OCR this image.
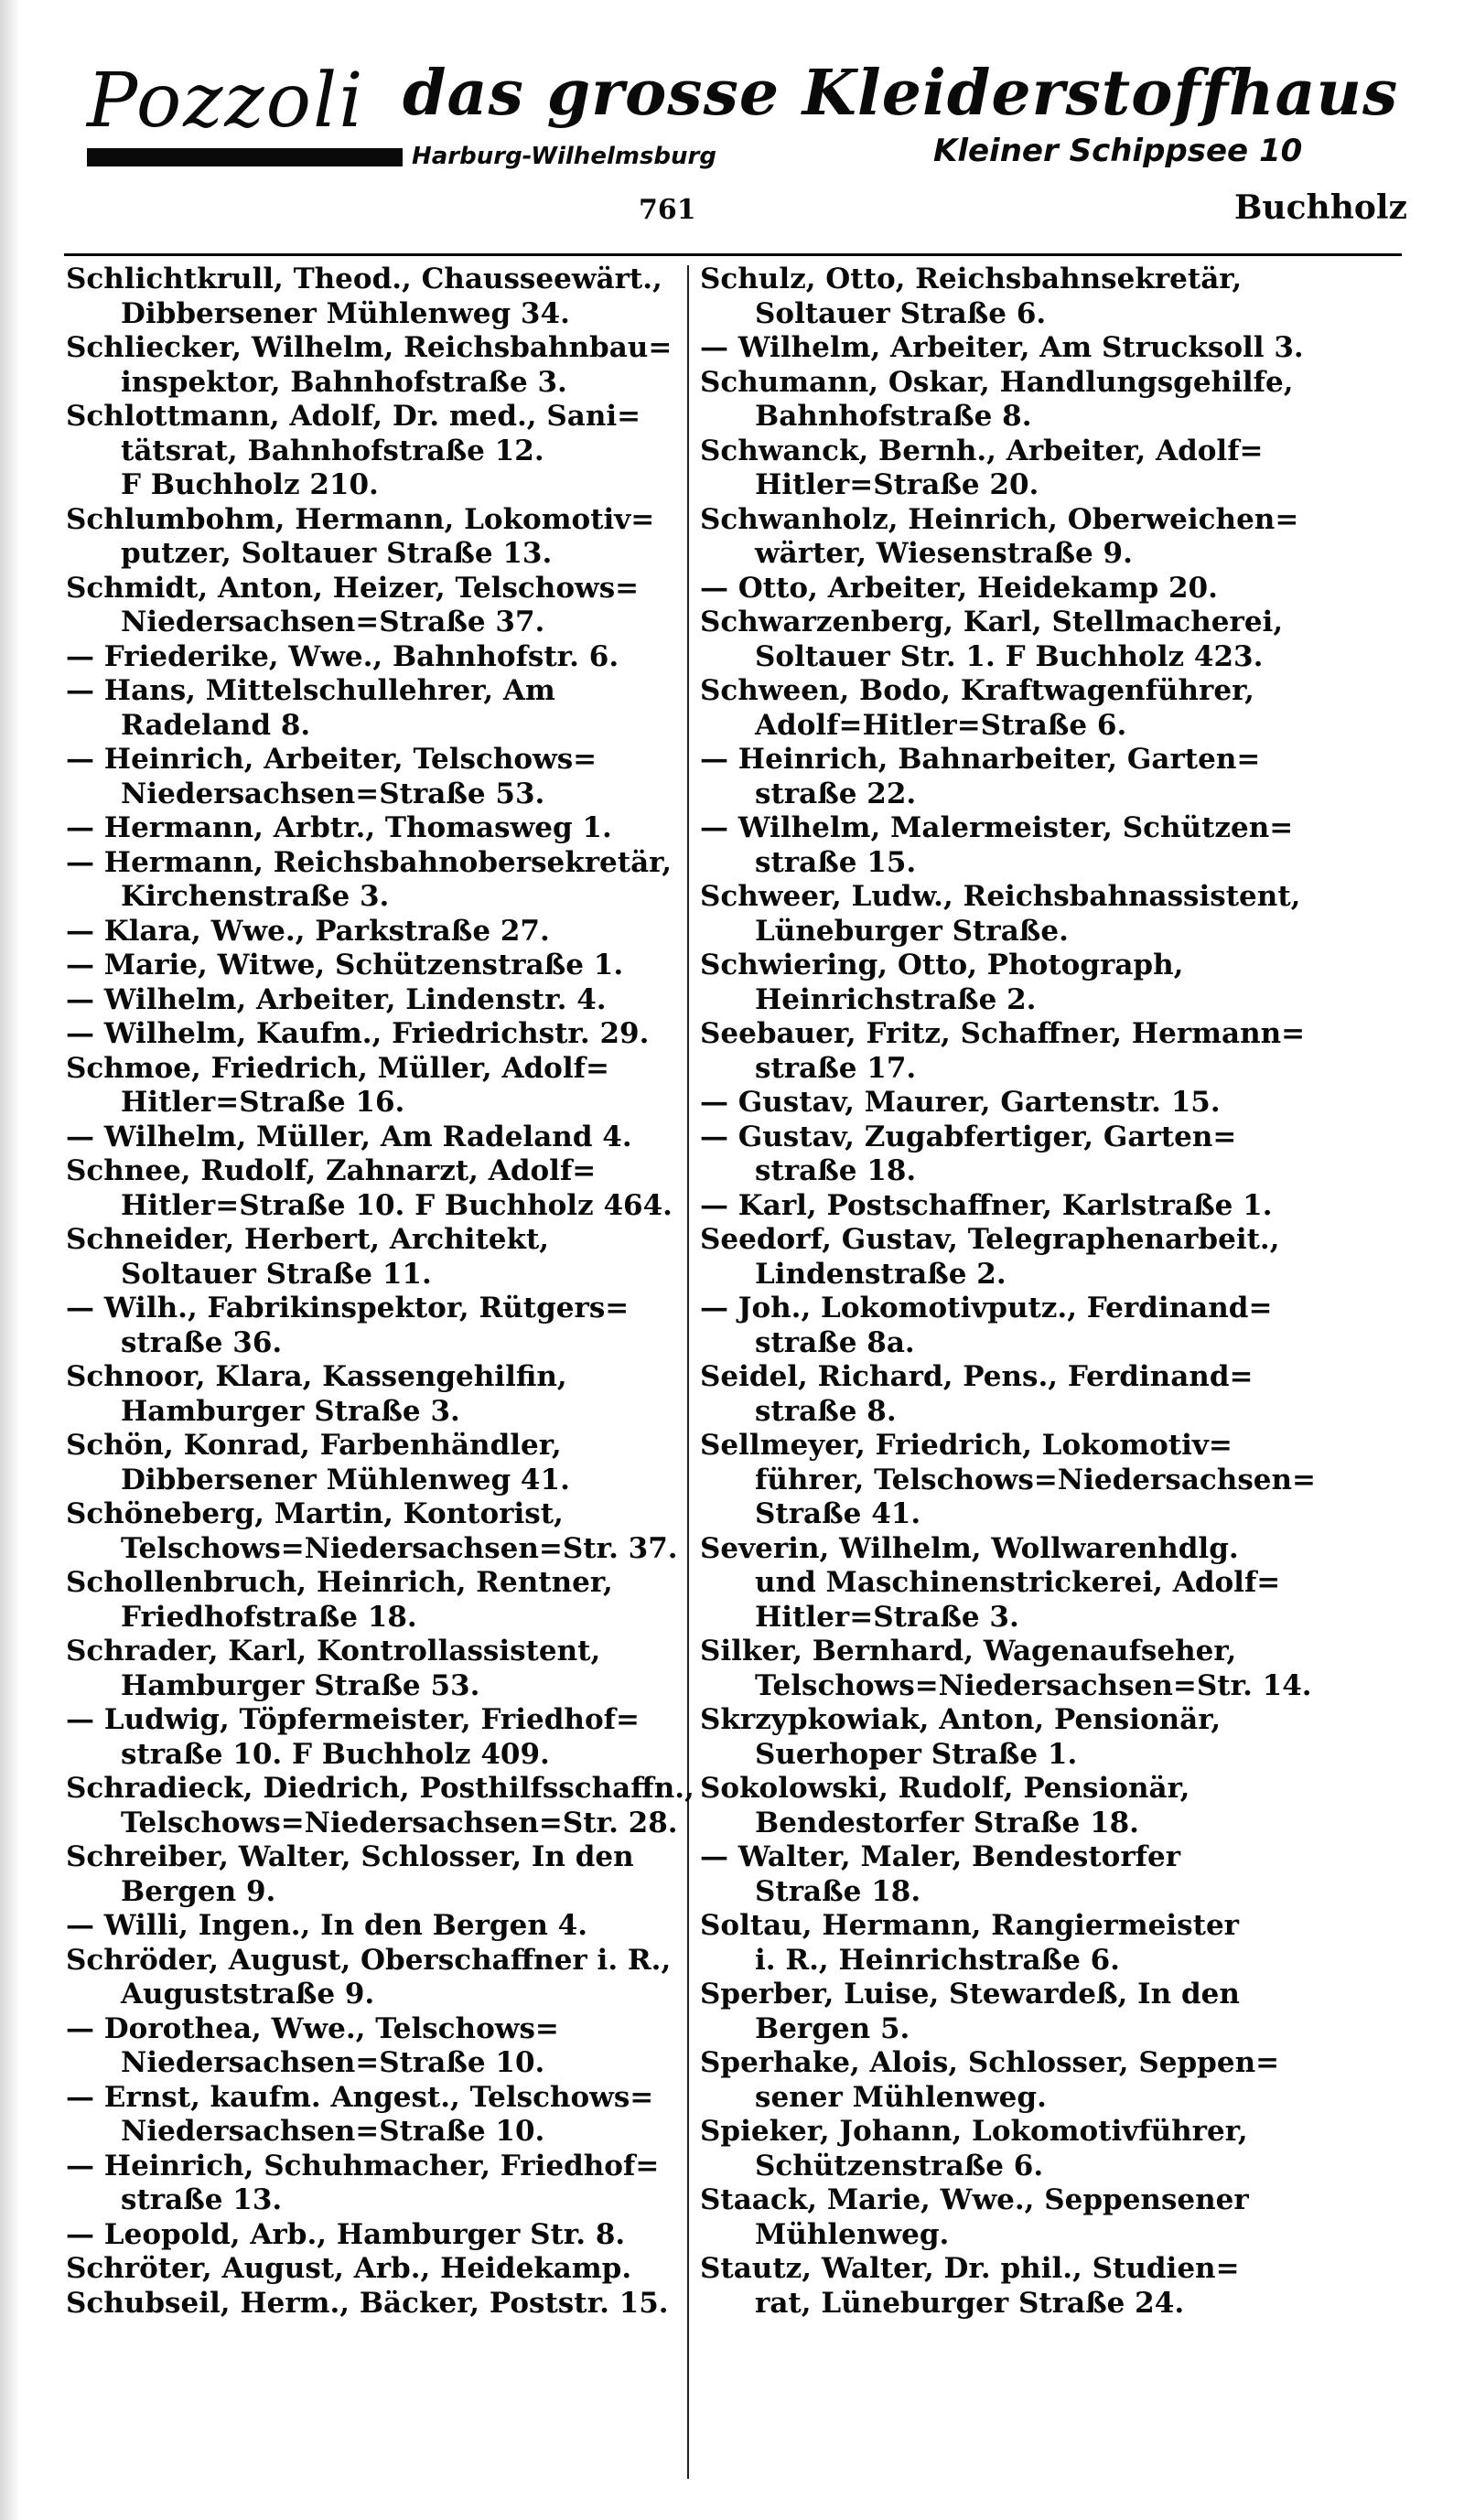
Pozzoli das grosse Kleiderstoffhaus
Harburg-Wilhelmsburg	Kleiner Schippsee 10
761	Buchholz
Schlichtkrull, Theod., Chausseewärt.,
Dibbersener Mühlenweg 34.
Schliecker, Wilhelm, Reichsbahnbau=
inspektor, Bahnhofstraße 3.
Schlottmann, Adolf, Dr. med., Sani=
tätsrat, Bahnhofstraße 12.
F Buchholz 210.
Schlumbohm, Hermann, Lokomotiv=
putzer, Soltauer Straße 13.
Schmidt, Anton, Heizer, Telschows=
Niedersachsen=Straße 37.
— Friederike, Wwe., Bahnhofstr. 6.
— Hans, Mittelschullehrer, Am
Radeland 8.
— Heinrich, Arbeiter, Telschows=
Niedersachsen=Straße 53.
— Hermann, Arbtr., Thomasweg 1.
— Hermann, Reichsbahnobersekretär,
Kirchenstraße 3.
— Klara, Wwe., Parkstraße 27.
— Marie, Witwe, Schützenstraße 1.
— Wilhelm, Arbeiter, Lindenstr. 4.
— Wilhelm, Kaufm., Friedrichstr. 29.
Schmoe, Friedrich, Müller, Adolf=
Hitler=Straße 16.
— Wilhelm, Müller, Am Radeland 4.
Schnee, Rudolf, Zahnarzt, Adolf=
Hitler=Straße 10. F Buchholz 464.
Schneider, Herbert, Architekt,
Soltauer Straße 11.
— Wilh., Fabrikinspektor, Rütgers=
straße 36.
Schnoor, Klara, Kassengehilfin,
Hamburger Straße 3.
Schön, Konrad, Farbenhändler,
Dibbersener Mühlenweg 41.
Schöneberg, Martin, Kontorist,
Telschows=Niedersachsen=Str. 37.
Schollenbruch, Heinrich, Rentner,
Friedhofstraße 18.
Schrader, Karl, Kontrollassistent,
Hamburger Straße 53.
— Ludwig, Töpfermeister, Friedhof=
straße 10. F Buchholz 409.
Schradieck, Diedrich, Posthilfsschaffn.,
Telschows=Niedersachsen=Str. 28.
Schreiber, Walter, Schlosser, In den
Bergen 9.
— Willi, Ingen., In den Bergen 4.
Schröder, August, Oberschaffner i. R.,
Auguststraße 9.
— Dorothea, Wwe., Telschows=
Niedersachsen=Straße 10.
— Ernst, kaufm. Angest., Telschows=
Niedersachsen=Straße 10.
— Heinrich, Schuhmacher, Friedhof=
straße 13.
— Leopold, Arb., Hamburger Str. 8.
Schröter, August, Arb., Heidekamp.
Schubseil, Herm., Bäcker, Poststr. 15.
Schulz, Otto, Reichsbahnsekretär,
Soltauer Straße 6.
— Wilhelm, Arbeiter, Am Strucksoll 3.
Schumann, Oskar, Handlungsgehilfe,
Bahnhofstraße 8.
Schwanck, Bernh., Arbeiter, Adolf=
Hitler=Straße 20.
Schwanholz, Heinrich, Oberweichen=
wärter, Wiesenstraße 9.
— Otto, Arbeiter, Heidekamp 20.
Schwarzenberg, Karl, Stellmacherei,
Soltauer Str. 1. F Buchholz 423.
Schween, Bodo, Kraftwagenführer,
Adolf=Hitler=Straße 6.
— Heinrich, Bahnarbeiter, Garten=
straße 22.
— Wilhelm, Malermeister, Schützen=
straße 15.
Schweer, Ludw., Reichsbahnassistent,
Lüneburger Straße.
Schwiering, Otto, Photograph,
Heinrichstraße 2.
Seebauer, Fritz, Schaffner, Hermann=
straße 17.
— Gustav, Maurer, Gartenstr. 15.
— Gustav, Zugabfertiger, Garten=
straße 18.
— Karl, Postschaffner, Karlstraße 1.
Seedorf, Gustav, Telegraphenarbeit.,
Lindenstraße 2.
— Joh., Lokomotivputz., Ferdinand=
straße 8a.
Seidel, Richard, Pens., Ferdinand=
straße 8.
Sellmeyer, Friedrich, Lokomotiv=
führer, Telschows=Niedersachsen=
Straße 41.
Severin, Wilhelm, Wollwarenhdlg.
und Maschinenstrickerei, Adolf=
Hitler=Straße 3.
Silker, Bernhard, Wagenaufseher,
Telschows=Niedersachsen=Str. 14.
Skrzypkowiak, Anton, Pensionär,
Suerhoper Straße 1.
Sokolowski, Rudolf, Pensionär,
Bendestorfer Straße 18.
— Walter, Maler, Bendestorfer
Straße 18.
Soltau, Hermann, Rangiermeister
i. R., Heinrichstraße 6.
Sperber, Luise, Stewardeß, In den
Bergen 5.
Sperhake, Alois, Schlosser, Seppen=
sener Mühlenweg.
Spieker, Johann, Lokomotivführer,
Schützenstraße 6.
Staack, Marie, Wwe., Seppensener
Mühlenweg.
Stautz, Walter, Dr. phil., Studien=
rat, Lüneburger Straße 24.
